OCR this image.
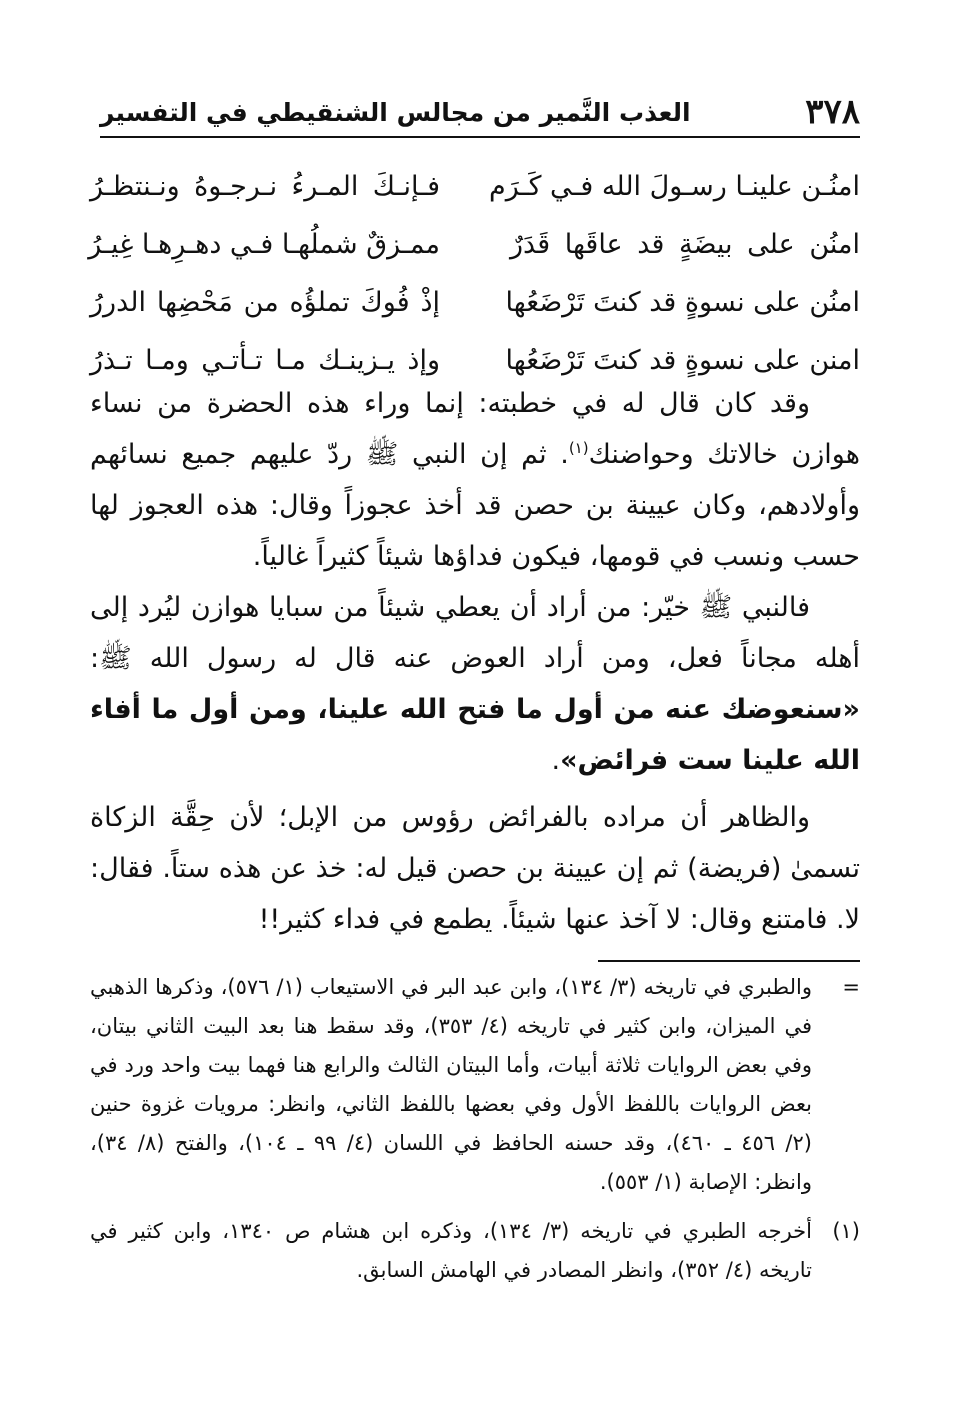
٣٧٨
العذب النَّمير من مجالس الشنقيطي في التفسير
امنُـن علينـا رسـولَ الله فـي كَـرَم
فـإنـكَ المـرءُ نـرجـوهُ ونـنتظـرُ
امنُن على بيضَةٍ قد عاقَها قَدَرٌ
ممـزقٌ شملُهـا فـي دهـرِهـا غِيـرُ
امنُن على نسوةٍ قد كنتَ تَرْضَعُها
إذْ فُوكَ تملؤُه من مَحْضِها الدررُ
امنن على نسوةٍ قد كنتَ تَرْضَعُها
وإذ يـزينـك مـا تـأتـي ومـا تـذرُ

وقد كان قال له في خطبته: إنما وراء هذه الحضرة من نساء هوازن خالاتك وحواضنك$^{(١)}$. ثم إن النبي ﷺ ردّ عليهم جميع نسائهم وأولادهم، وكان عيينة بن حصن قد أخذ عجوزاً وقال: هذه العجوز لها حسب ونسب في قومها، فيكون فداؤها شيئاً كثيراً غالياً.

فالنبي ﷺ خيّر: من أراد أن يعطي شيئاً من سبايا هوازن ليُرد إلى أهله مجاناً فعل، ومن أراد العوض عنه قال له رسول الله ﷺ: «سنعوضك عنه من أول ما فتح الله علينا، ومن أول ما أفاء الله علينا ست فرائض».

والظاهر أن مراده بالفرائض رؤوس من الإبل؛ لأن حِقَّة الزكاة تسمىٰ (فريضة) ثم إن عيينة بن حصن قيل له: خذ عن هذه ستاً. فقال: لا. فامتنع وقال: لا آخذ عنها شيئاً. يطمع في فداء كثير!!

=
والطبري في تاريخه (٣/ ١٣٤)، وابن عبد البر في الاستيعاب (١/ ٥٧٦)، وذكرها الذهبي في الميزان، وابن كثير في تاريخه (٤/ ٣٥٣)، وقد سقط هنا بعد البيت الثاني بيتان، وفي بعض الروايات ثلاثة أبيات، وأما البيتان الثالث والرابع هنا فهما بيت واحد ورد في بعض الروايات باللفظ الأول وفي بعضها باللفظ الثاني، وانظر: مرويات غزوة حنين (٢/ ٤٥٦ ـ ٤٦٠)، وقد حسنه الحافظ في اللسان (٤/ ٩٩ ـ ١٠٤)، والفتح (٨/ ٣٤)، وانظر: الإصابة (١/ ٥٥٣).
(١)
أخرجه الطبري في تاريخه (٣/ ١٣٤)، وذكره ابن هشام ص ١٣٤٠، وابن كثير في تاريخه (٤/ ٣٥٢)، وانظر المصادر في الهامش السابق.
